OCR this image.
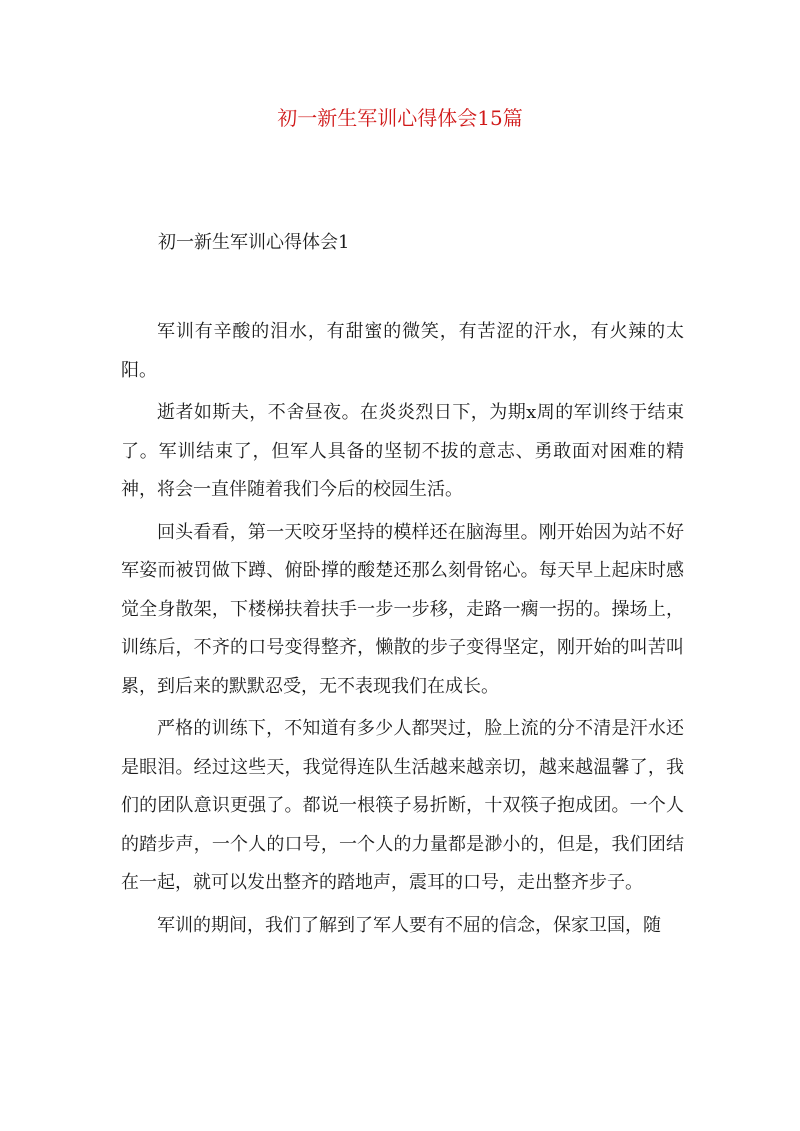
初一新生军训心得体会15篇
初一新生军训心得体会1

军训有辛酸的泪水，有甜蜜的微笑，有苦涩的汗水，有火辣的太阳。

逝者如斯夫，不舍昼夜。在炎炎烈日下，为期x周的军训终于结束了。军训结束了，但军人具备的坚韧不拔的意志、勇敢面对困难的精神，将会一直伴随着我们今后的校园生活。

回头看看，第一天咬牙坚持的模样还在脑海里。刚开始因为站不好军姿而被罚做下蹲、俯卧撑的酸楚还那么刻骨铭心。每天早上起床时感觉全身散架，下楼梯扶着扶手一步一步移，走路一瘸一拐的。操场上，训练后，不齐的口号变得整齐，懒散的步子变得坚定，刚开始的叫苦叫累，到后来的默默忍受，无不表现我们在成长。

严格的训练下，不知道有多少人都哭过，脸上流的分不清是汗水还是眼泪。经过这些天，我觉得连队生活越来越亲切，越来越温馨了，我们的团队意识更强了。都说一根筷子易折断，十双筷子抱成团。一个人的踏步声，一个人的口号，一个人的力量都是渺小的，但是，我们团结在一起，就可以发出整齐的踏地声，震耳的口号，走出整齐步子。

军训的期间，我们了解到了军人要有不屈的信念，保家卫国，随
